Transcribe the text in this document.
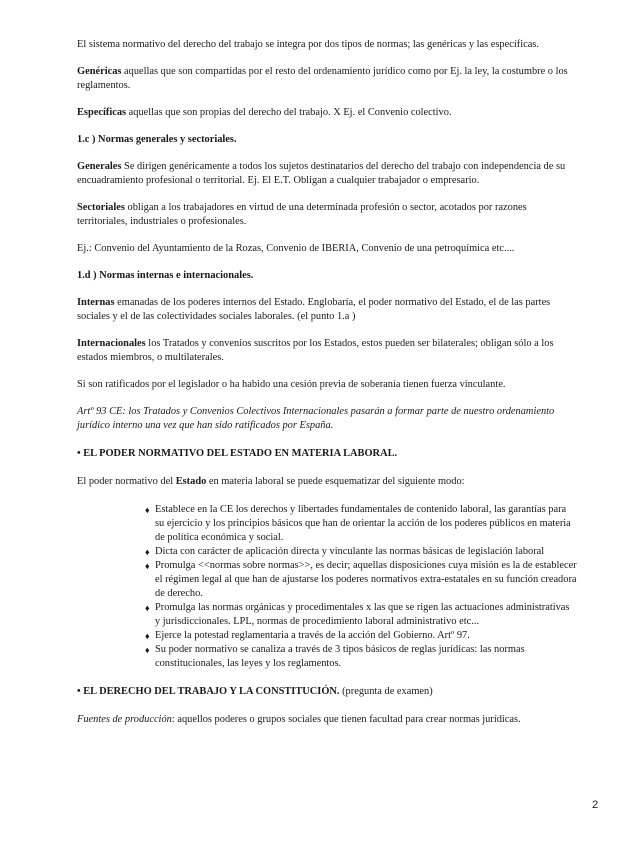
El sistema normativo del derecho del trabajo se integra por dos tipos de normas; las genéricas y las específicas.

Genéricas aquellas que son compartidas por el resto del ordenamiento jurídico como por Ej. la ley, la costumbre o los reglamentos.

Específicas aquellas que son propias del derecho del trabajo. X Ej. el Convenio colectivo.

1.c ) Normas generales y sectoriales.

Generales Se dirigen genéricamente a todos los sujetos destinatarios del derecho del trabajo con independencia de su encuadramiento profesional o territorial. Ej. El E.T. Obligan a cualquier trabajador o empresario.

Sectoriales obligan a los trabajadores en virtud de una determinada profesión o sector, acotados por razones territoriales, industriales o profesionales.

Ej.: Convenio del Ayuntamiento de la Rozas, Convenio de IBERIA, Convenio de una petroquímica etc....

1.d ) Normas internas e internacionales.

Internas emanadas de los poderes internos del Estado. Englobaría, el poder normativo del Estado, el de las partes sociales y el de las colectividades sociales laborales. (el punto 1.a )

Internacionales los Tratados y convenios suscritos por los Estados, estos pueden ser bilaterales; obligan sólo a los estados miembros, o multilaterales.

Si son ratificados por el legislador o ha habido una cesión previa de soberanía tienen fuerza vinculante.

Artº 93 CE: los Tratados y Convenios Colectivos Internacionales pasarán a formar parte de nuestro ordenamiento jurídico interno una vez que han sido ratificados por España.

• EL PODER NORMATIVO DEL ESTADO EN MATERIA LABORAL.

El poder normativo del Estado en materia laboral se puede esquematizar del siguiente modo:

♦ Establece en la CE los derechos y libertades fundamentales de contenido laboral, las garantías para su ejercicio y los principios básicos que han de orientar la acción de los poderes públicos en materia de política económica y social.
♦ Dicta con carácter de aplicación directa y vinculante las normas básicas de legislación laboral
♦ Promulga <<normas sobre normas>>, es decir; aquellas disposiciones cuya misión es la de establecer el régimen legal al que han de ajustarse los poderes normativos extra-estatales en su función creadora de derecho.
♦ Promulga las normas orgánicas y procedimentales x las que se rigen las actuaciones administrativas y jurisdiccionales. LPL, normas de procedimiento laboral administrativo etc...
♦ Ejerce la potestad reglamentaria a través de la acción del Gobierno. Artº 97.
♦ Su poder normativo se canaliza a través de 3 tipos básicos de reglas jurídicas: las normas constitucionales, las leyes y los reglamentos.

• EL DERECHO DEL TRABAJO Y LA CONSTITUCIÓN. (pregunta de examen)

Fuentes de producción: aquellos poderes o grupos sociales que tienen facultad para crear normas jurídicas.

2
